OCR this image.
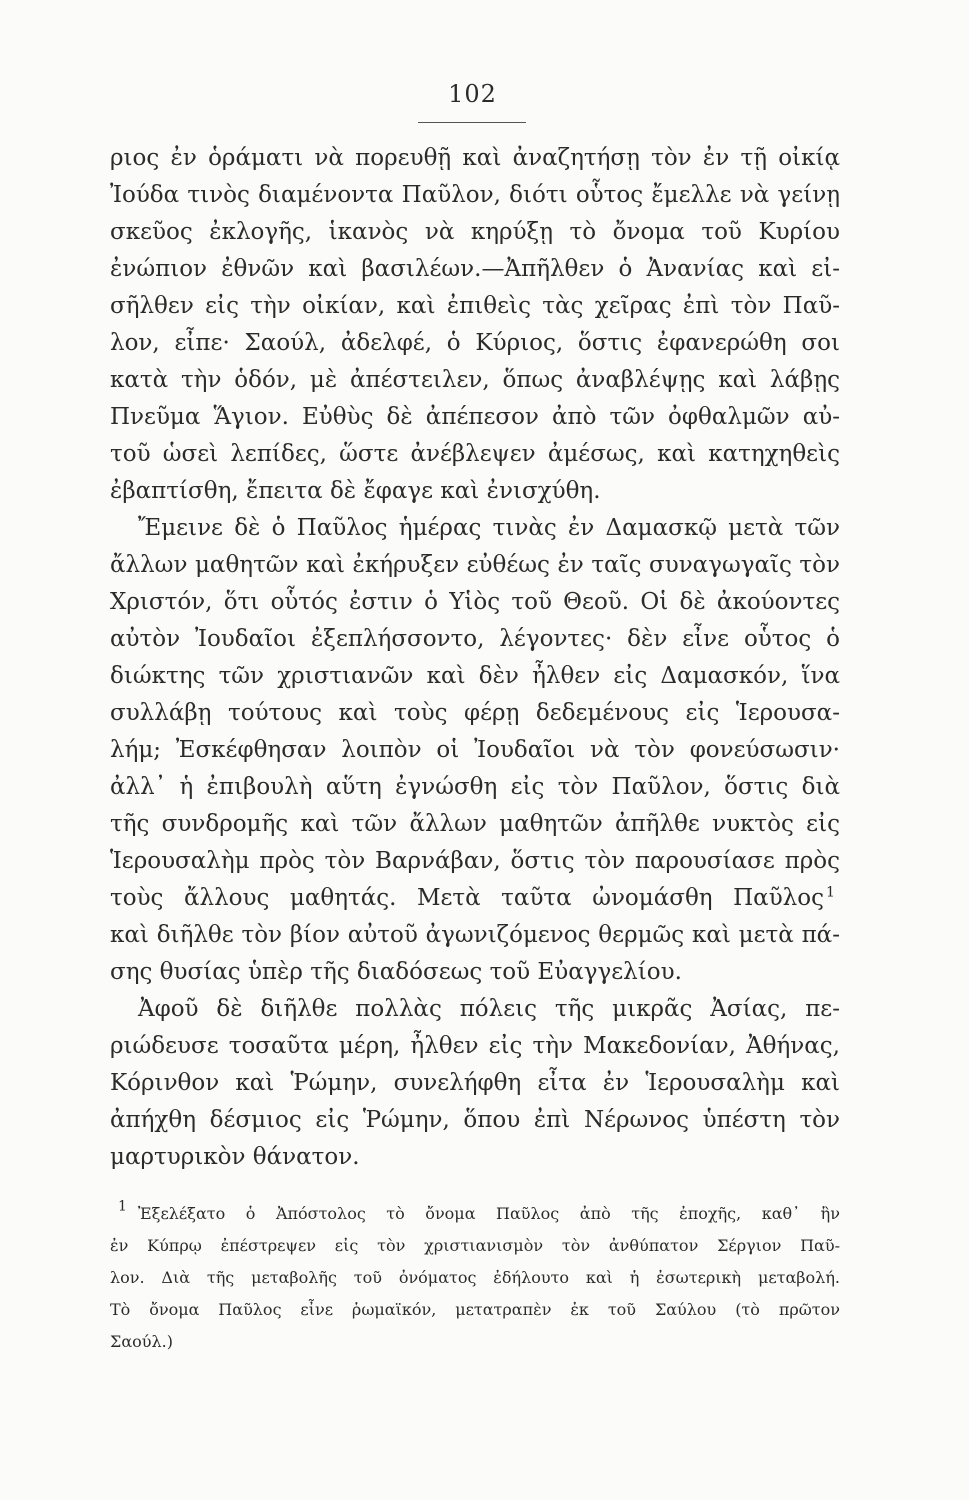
102
ριος ἐν ὁράματι νὰ πορευθῇ καὶ ἀναζητήσῃ τὸν ἐν τῇ οἰκίᾳ
Ἰούδα τινὸς διαμένοντα Παῦλον, διότι οὗτος ἔμελλε νὰ γείνῃ
σκεῦος ἐκλογῆς, ἱκανὸς νὰ κηρύξῃ τὸ ὄνομα τοῦ Κυρίου
ἐνώπιον ἐθνῶν καὶ βασιλέων.—Ἀπῆλθεν ὁ Ἀνανίας καὶ εἰ-
σῆλθεν εἰς τὴν οἰκίαν, καὶ ἐπιθεὶς τὰς χεῖρας ἐπὶ τὸν Παῦ-
λον, εἶπε· Σαούλ, ἀδελφέ, ὁ Κύριος, ὅστις ἐφανερώθη σοι
κατὰ τὴν ὁδόν, μὲ ἀπέστειλεν, ὅπως ἀναβλέψῃς καὶ λάβῃς
Πνεῦμα Ἅγιον. Εὐθὺς δὲ ἀπέπεσον ἀπὸ τῶν ὀφθαλμῶν αὐ-
τοῦ ὡσεὶ λεπίδες, ὥστε ἀνέβλεψεν ἀμέσως, καὶ κατηχηθεὶς
ἐβαπτίσθη, ἔπειτα δὲ ἔφαγε καὶ ἐνισχύθη.
Ἔμεινε δὲ ὁ Παῦλος ἡμέρας τινὰς ἐν Δαμασκῷ μετὰ τῶν
ἄλλων μαθητῶν καὶ ἐκήρυξεν εὐθέως ἐν ταῖς συναγωγαῖς τὸν
Χριστόν, ὅτι οὗτός ἐστιν ὁ Υἱὸς τοῦ Θεοῦ. Οἱ δὲ ἀκούοντες
αὐτὸν Ἰουδαῖοι ἐξεπλήσσοντο, λέγοντες· δὲν εἶνε οὗτος ὁ
διώκτης τῶν χριστιανῶν καὶ δὲν ἦλθεν εἰς Δαμασκόν, ἵνα
συλλάβῃ τούτους καὶ τοὺς φέρῃ δεδεμένους εἰς Ἱερουσα-
λήμ; Ἐσκέφθησαν λοιπὸν οἱ Ἰουδαῖοι νὰ τὸν φονεύσωσιν·
ἀλλ᾽ ἡ ἐπιβουλὴ αὕτη ἐγνώσθη εἰς τὸν Παῦλον, ὅστις διὰ
τῆς συνδρομῆς καὶ τῶν ἄλλων μαθητῶν ἀπῆλθε νυκτὸς εἰς
Ἱερουσαλὴμ πρὸς τὸν Βαρνάβαν, ὅστις τὸν παρουσίασε πρὸς
τοὺς ἄλλους μαθητάς. Μετὰ ταῦτα ὠνομάσθη Παῦλος $^1$
καὶ διῆλθε τὸν βίον αὐτοῦ ἀγωνιζόμενος θερμῶς καὶ μετὰ πά-
σης θυσίας ὑπὲρ τῆς διαδόσεως τοῦ Εὐαγγελίου.
Ἀφοῦ δὲ διῆλθε πολλὰς πόλεις τῆς μικρᾶς Ἀσίας, πε-
ριώδευσε τοσαῦτα μέρη, ἦλθεν εἰς τὴν Μακεδονίαν, Ἀθήνας,
Κόρινθον καὶ Ῥώμην, συνελήφθη εἶτα ἐν Ἱερουσαλὴμ καὶ
ἀπήχθη δέσμιος εἰς Ῥώμην, ὅπου ἐπὶ Νέρωνος ὑπέστη τὸν
μαρτυρικὸν θάνατον.
$^1$ Ἐξελέξατο ὁ Ἀπόστολος τὸ ὄνομα Παῦλος ἀπὸ τῆς ἐποχῆς, καθ᾽ ἣν
ἐν Κύπρῳ ἐπέστρεψεν εἰς τὸν χριστιανισμὸν τὸν ἀνθύπατον Σέργιον Παῦ-
λον. Διὰ τῆς μεταβολῆς τοῦ ὀνόματος ἐδήλουτο καὶ ἡ ἐσωτερικὴ μεταβολή.
Τὸ ὄνομα Παῦλος εἶνε ῥωμαϊκόν, μετατραπὲν ἐκ τοῦ Σαύλου (τὸ πρῶτον
Σαούλ.)
